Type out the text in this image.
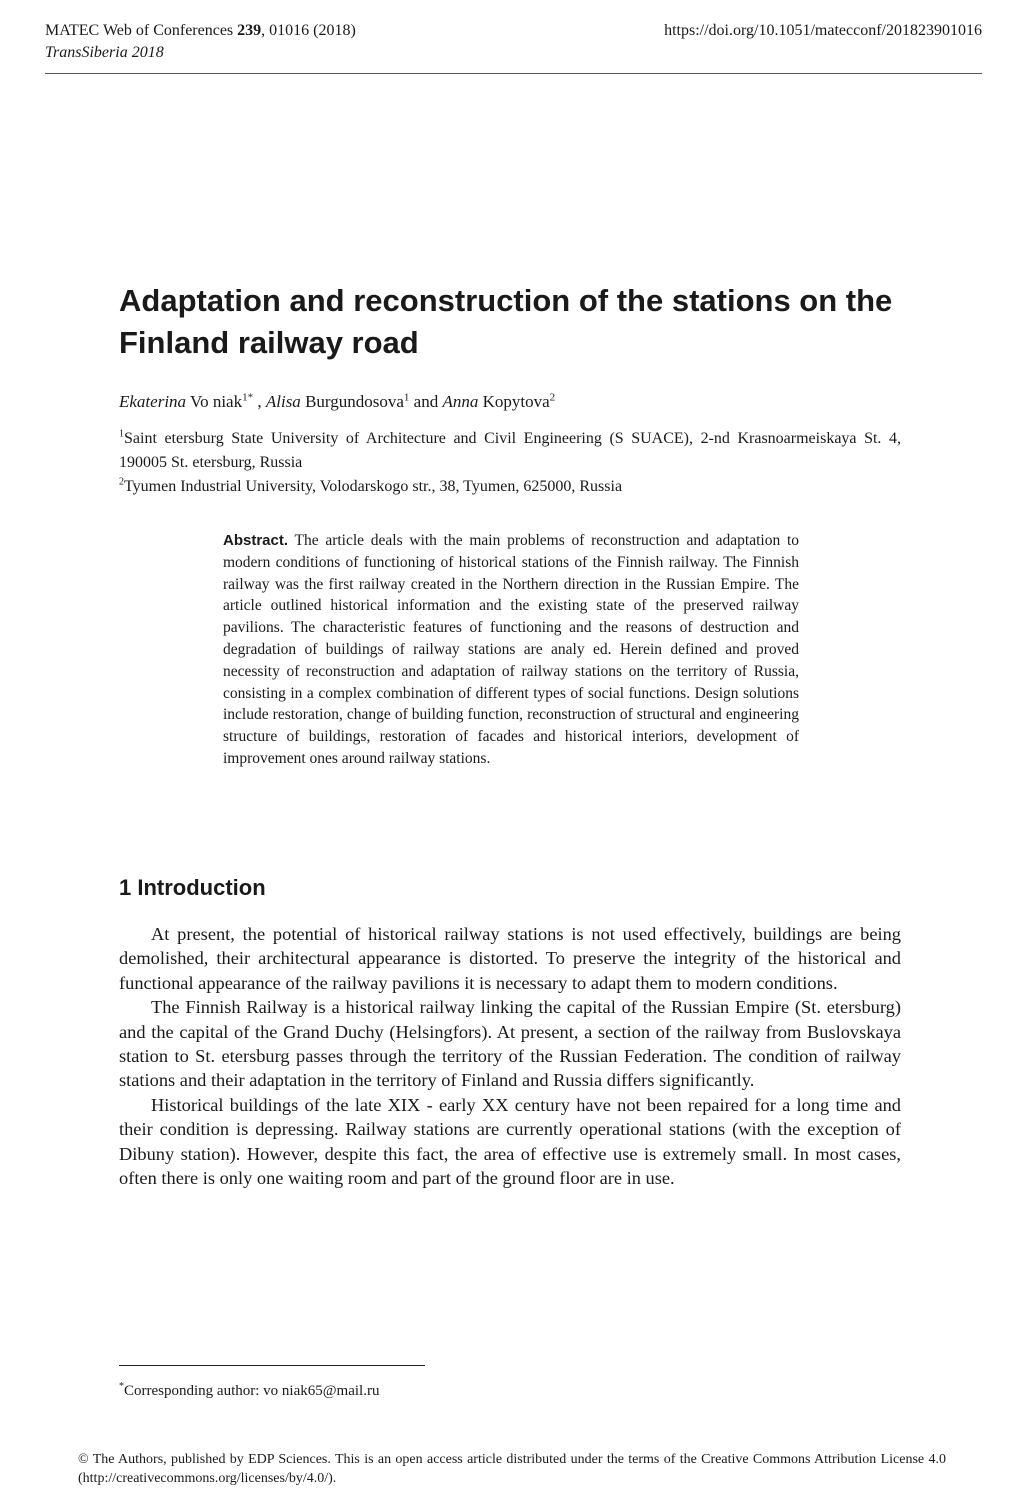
MATEC Web of Conferences 239, 01016 (2018)
TransSiberia 2018
https://doi.org/10.1051/matecconf/201823901016
Adaptation and reconstruction of the stations on the Finland railway road
Ekaterina Vo niak$^{1*}$ , Alisa Burgundosova$^1$ and Anna Kopytova$^2$

$^1$Saint etersburg State University of Architecture and Civil Engineering (S SUACE), 2-nd Krasnoarmeiskaya St. 4, 190005 St. etersburg, Russia

$^2$Tyumen Industrial University, Volodarskogo str., 38, Tyumen, 625000, Russia

Abstract. The article deals with the main problems of reconstruction and adaptation to modern conditions of functioning of historical stations of the Finnish railway. The Finnish railway was the first railway created in the Northern direction in the Russian Empire. The article outlined historical information and the existing state of the preserved railway pavilions. The characteristic features of functioning and the reasons of destruction and degradation of buildings of railway stations are analy ed. Herein defined and proved necessity of reconstruction and adaptation of railway stations on the territory of Russia, consisting in a complex combination of different types of social functions. Design solutions include restoration, change of building function, reconstruction of structural and engineering structure of buildings, restoration of facades and historical interiors, development of improvement ones around railway stations.

1 Introduction

At present, the potential of historical railway stations is not used effectively, buildings are being demolished, their architectural appearance is distorted. To preserve the integrity of the historical and functional appearance of the railway pavilions it is necessary to adapt them to modern conditions.

The Finnish Railway is a historical railway linking the capital of the Russian Empire (St. etersburg) and the capital of the Grand Duchy (Helsingfors). At present, a section of the railway from Buslovskaya station to St. etersburg passes through the territory of the Russian Federation. The condition of railway stations and their adaptation in the territory of Finland and Russia differs significantly.

Historical buildings of the late XIX - early XX century have not been repaired for a long time and their condition is depressing. Railway stations are currently operational stations (with the exception of Dibuny station). However, despite this fact, the area of effective use is extremely small. In most cases, often there is only one waiting room and part of the ground floor are in use.

*Corresponding author: vo niak65@mail.ru
© The Authors, published by EDP Sciences. This is an open access article distributed under the terms of the Creative Commons Attribution License 4.0 (http://creativecommons.org/licenses/by/4.0/).
